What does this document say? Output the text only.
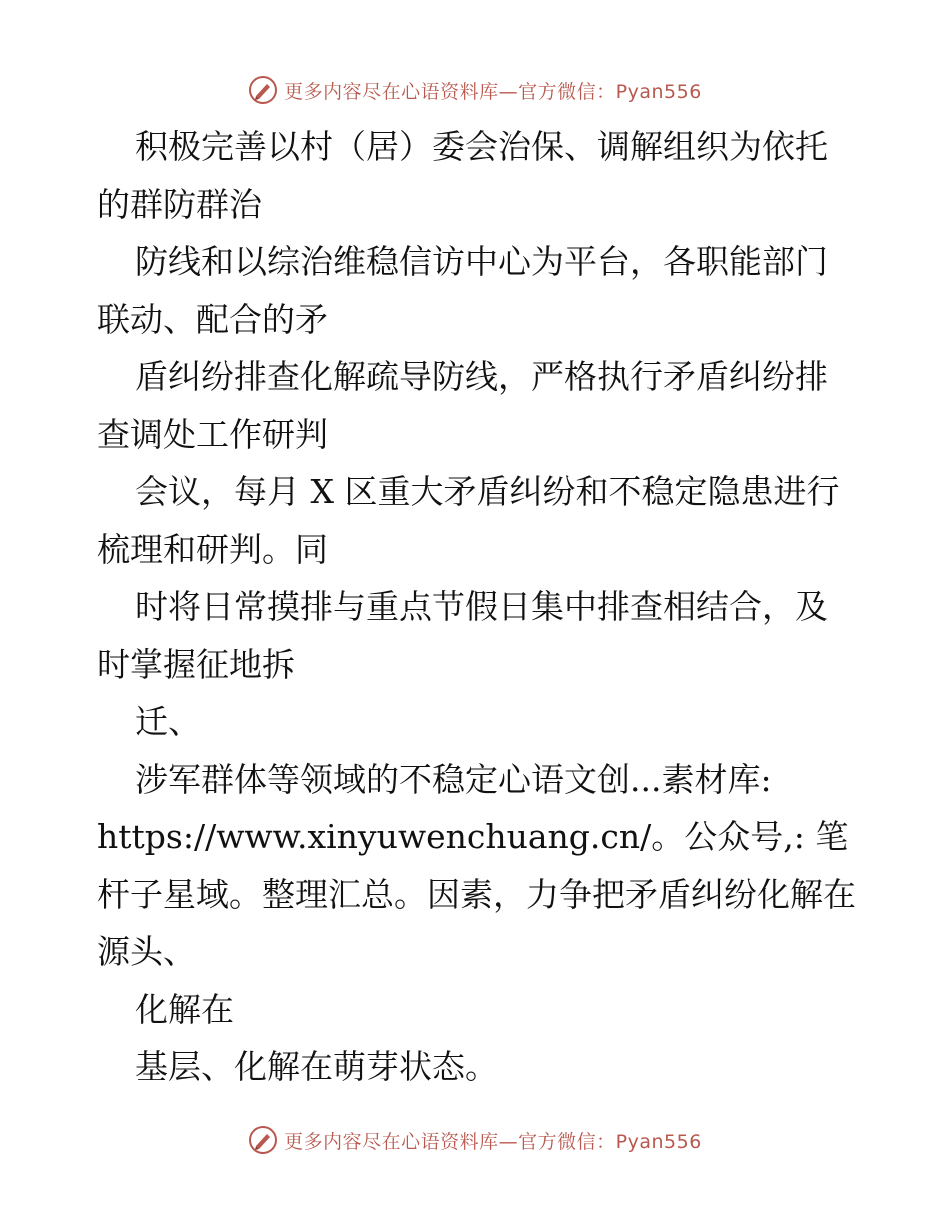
更多内容尽在心语资料库—官方微信：Pyan556

积极完善以村（居）委会治保、调解组织为依托的群防群治

防线和以综治维稳信访中心为平台，各职能部门联动、配合的矛

盾纠纷排查化解疏导防线，严格执行矛盾纠纷排查调处工作研判

会议，每月 X 区重大矛盾纠纷和不稳定隐患进行梳理和研判。同

时将日常摸排与重点节假日集中排查相结合，及时掌握征地拆

迁、

涉军群体等领域的不稳定心语文创...素材库:

https://www.xinyuwenchuang.cn/。公众号,: 笔杆子星域。整理汇总。因素，力争把矛盾纠纷化解在源头、

化解在

基层、化解在萌芽状态。

更多内容尽在心语资料库—官方微信：Pyan556
